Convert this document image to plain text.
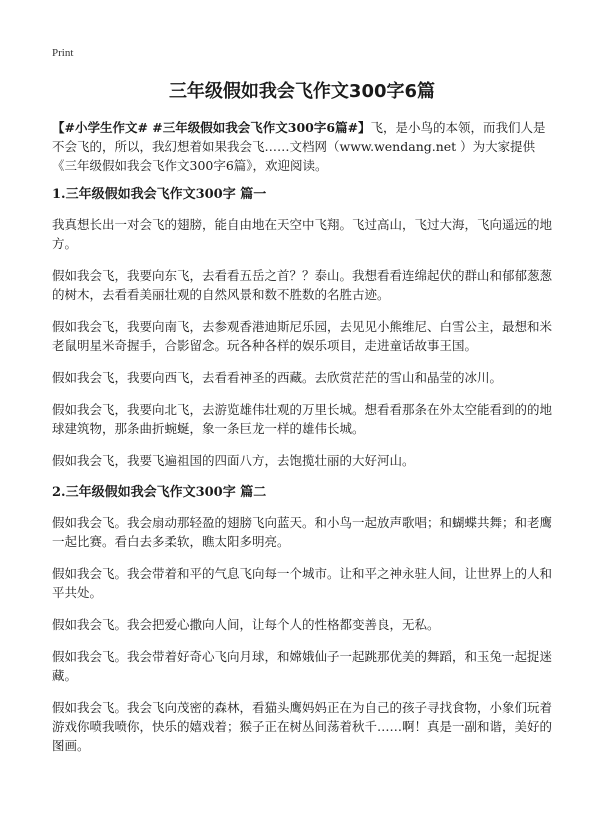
Print
三年级假如我会飞作文300字6篇

【#小学生作文# #三年级假如我会飞作文300字6篇#】飞，是小鸟的本领，而我们人是不会飞的，所以，我幻想着如果我会飞……文档网（www.wendang.net ）为大家提供《三年级假如我会飞作文300字6篇》，欢迎阅读。

1.三年级假如我会飞作文300字 篇一

我真想长出一对会飞的翅膀，能自由地在天空中飞翔。飞过高山，飞过大海，飞向遥远的地方。

假如我会飞，我要向东飞，去看看五岳之首？？泰山。我想看看连绵起伏的群山和郁郁葱葱的树木，去看看美丽壮观的自然风景和数不胜数的名胜古迹。

假如我会飞，我要向南飞，去参观香港迪斯尼乐园，去见见小熊维尼、白雪公主，最想和米老鼠明星米奇握手，合影留念。玩各种各样的娱乐项目，走进童话故事王国。

假如我会飞，我要向西飞，去看看神圣的西藏。去欣赏茫茫的雪山和晶莹的冰川。

假如我会飞，我要向北飞，去游览雄伟壮观的万里长城。想看看那条在外太空能看到的的地球建筑物，那条曲折蜿蜒，象一条巨龙一样的雄伟长城。

假如我会飞，我要飞遍祖国的四面八方，去饱揽壮丽的大好河山。

2.三年级假如我会飞作文300字 篇二

假如我会飞。我会扇动那轻盈的翅膀飞向蓝天。和小鸟一起放声歌唱；和蝴蝶共舞；和老鹰一起比赛。看白去多柔软，瞧太阳多明亮。

假如我会飞。我会带着和平的气息飞向每一个城市。让和平之神永驻人间，让世界上的人和平共处。

假如我会飞。我会把爱心撒向人间，让每个人的性格都变善良，无私。

假如我会飞。我会带着好奇心飞向月球，和嫦娥仙子一起跳那优美的舞蹈，和玉兔一起捉迷藏。

假如我会飞。我会飞向茂密的森林，看猫头鹰妈妈正在为自己的孩子寻找食物，小象们玩着游戏你喷我喷你，快乐的嬉戏着；猴子正在树丛间荡着秋千……啊！真是一副和谐，美好的图画。
